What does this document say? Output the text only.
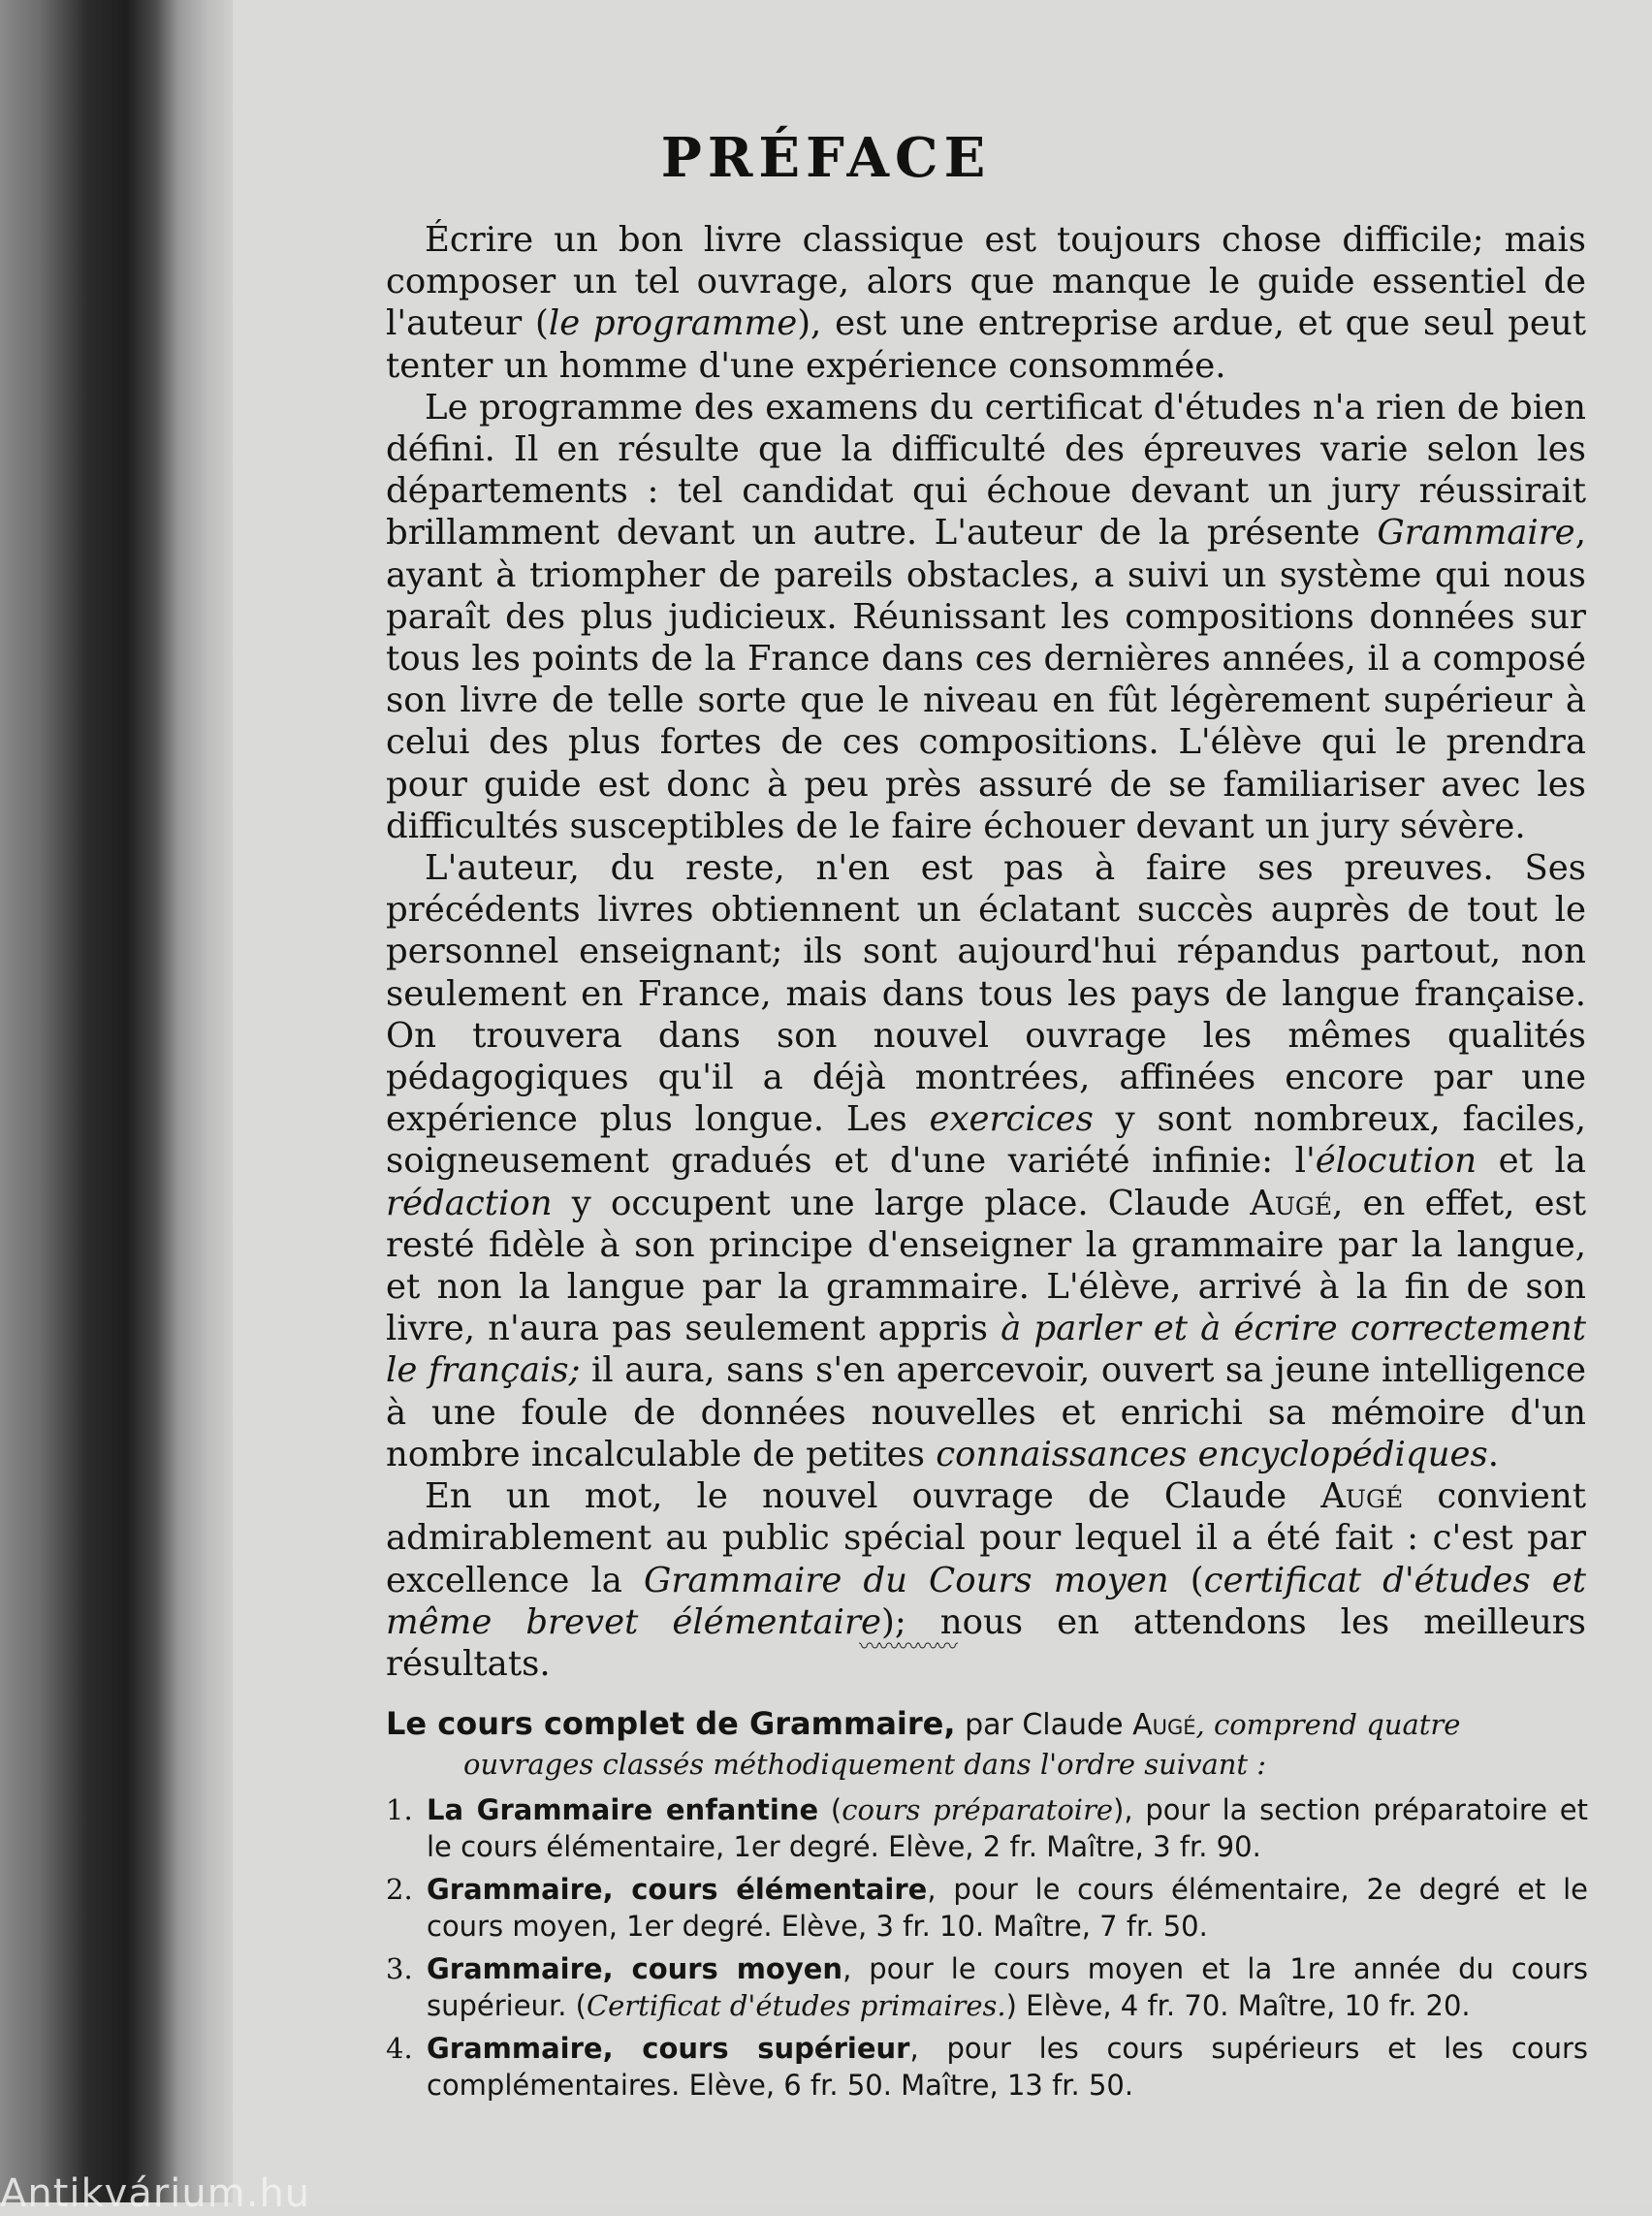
PRÉFACE

Écrire un bon livre classique est toujours chose difficile; mais composer un tel ouvrage, alors que manque le guide essentiel de l'auteur (le programme), est une entreprise ardue, et que seul peut tenter un homme d'une expérience consommée.

Le programme des examens du certificat d'études n'a rien de bien défini. Il en résulte que la difficulté des épreuves varie selon les départements : tel candidat qui échoue devant un jury réussirait brillamment devant un autre. L'auteur de la présente Grammaire, ayant à triompher de pareils obstacles, a suivi un système qui nous paraît des plus judicieux. Réunissant les compositions données sur tous les points de la France dans ces dernières années, il a composé son livre de telle sorte que le niveau en fût légèrement supérieur à celui des plus fortes de ces compositions. L'élève qui le prendra pour guide est donc à peu près assuré de se familiariser avec les difficultés susceptibles de le faire échouer devant un jury sévère.

L'auteur, du reste, n'en est pas à faire ses preuves. Ses précédents livres obtiennent un éclatant succès auprès de tout le personnel enseignant; ils sont aujourd'hui répandus partout, non seulement en France, mais dans tous les pays de langue française. On trouvera dans son nouvel ouvrage les mêmes qualités pédagogiques qu'il a déjà montrées, affinées encore par une expérience plus longue. Les exercices y sont nombreux, faciles, soigneusement gradués et d'une variété infinie: l'élocution et la rédaction y occupent une large place. Claude Augé, en effet, est resté fidèle à son principe d'enseigner la grammaire par la langue, et non la langue par la grammaire. L'élève, arrivé à la fin de son livre, n'aura pas seulement appris à parler et à écrire correctement le français; il aura, sans s'en apercevoir, ouvert sa jeune intelligence à une foule de données nouvelles et enrichi sa mémoire d'un nombre incalculable de petites connaissances encyclopédiques.

En un mot, le nouvel ouvrage de Claude Augé convient admirablement au public spécial pour lequel il a été fait : c'est par excellence la Grammaire du Cours moyen (certificat d'études et même brevet élémentaire); nous en attendons les meilleurs résultats.	〰〰〰〰〰
Le cours complet de Grammaire, par Claude Augé, comprend quatre
ouvrages classés méthodiquement dans l'ordre suivant :
1. La Grammaire enfantine (cours préparatoire), pour la section préparatoire et le cours élémentaire, 1er degré. Elève, 2 fr. Maître, 3 fr. 90.
2. Grammaire, cours élémentaire, pour le cours élémentaire, 2e degré et le cours moyen, 1er degré. Elève, 3 fr. 10. Maître, 7 fr. 50.
3. Grammaire, cours moyen, pour le cours moyen et la 1re année du cours supérieur. (Certificat d'études primaires.) Elève, 4 fr. 70. Maître, 10 fr. 20.
4. Grammaire, cours supérieur, pour les cours supérieurs et les cours complémentaires. Elève, 6 fr. 50. Maître, 13 fr. 50.
Antikvárium.hu
